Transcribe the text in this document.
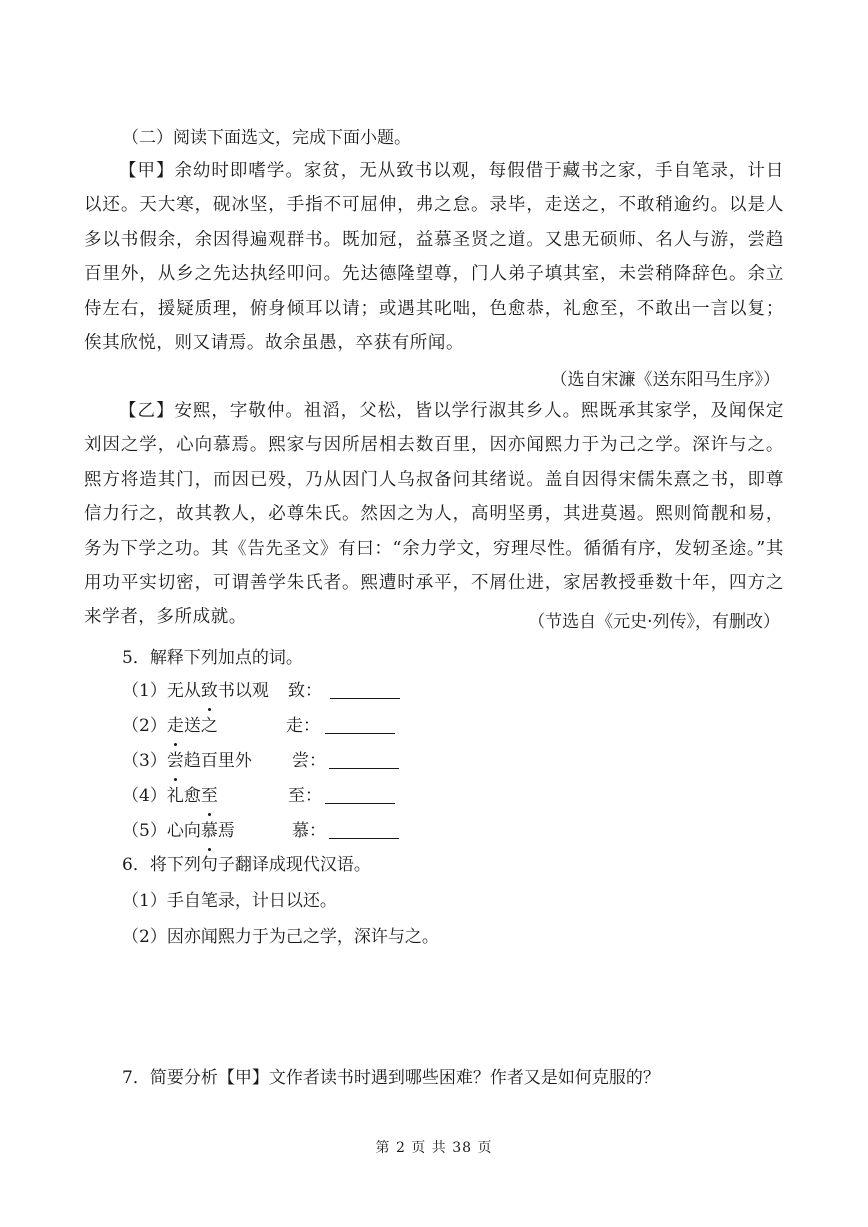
（二）阅读下面选文，完成下面小题。

【甲】余幼时即嗜学。家贫，无从致书以观，每假借于藏书之家，手自笔录，计日以还。天大寒，砚冰坚，手指不可屈伸，弗之怠。录毕，走送之，不敢稍逾约。以是人多以书假余，余因得遍观群书。既加冠，益慕圣贤之道。又患无硕师、名人与游，尝趋百里外，从乡之先达执经叩问。先达德隆望尊，门人弟子填其室，未尝稍降辞色。余立侍左右，援疑质理，俯身倾耳以请；或遇其叱咄，色愈恭，礼愈至，不敢出一言以复；俟其欣悦，则又请焉。故余虽愚，卒获有所闻。

（选自宋濂《送东阳马生序》）

【乙】安熙，字敬仲。祖滔，父松，皆以学行淑其乡人。熙既承其家学，及闻保定刘因之学，心向慕焉。熙家与因所居相去数百里，因亦闻熙力于为己之学。深许与之。熙方将造其门，而因已殁，乃从因门人乌叔备问其绪说。盖自因得宋儒朱熹之书，即尊信力行之，故其教人，必尊朱氏。然因之为人，高明坚勇，其进莫遏。熙则简靓和易，务为下学之功。其《告先圣文》有曰：“余力学文，穷理尽性。循循有序，发轫圣途。”其用功平实切密，可谓善学朱氏者。熙遭时承平，不屑仕进，家居教授垂数十年，四方之来学者，多所成就。	（节选自《元史·列传》，有删改）
5．解释下列加点的词。
（1）无从致书以观 致：
（2）走送之	走：
（3）尝趋百里外 尝：
（4）礼愈至	至：
（5）心向慕焉	慕：
6．将下列句子翻译成现代汉语。
（1）手自笔录，计日以还。
（2）因亦闻熙力于为己之学，深许与之。
7．简要分析【甲】文作者读书时遇到哪些困难？作者又是如何克服的？
第 2 页 共 38 页
